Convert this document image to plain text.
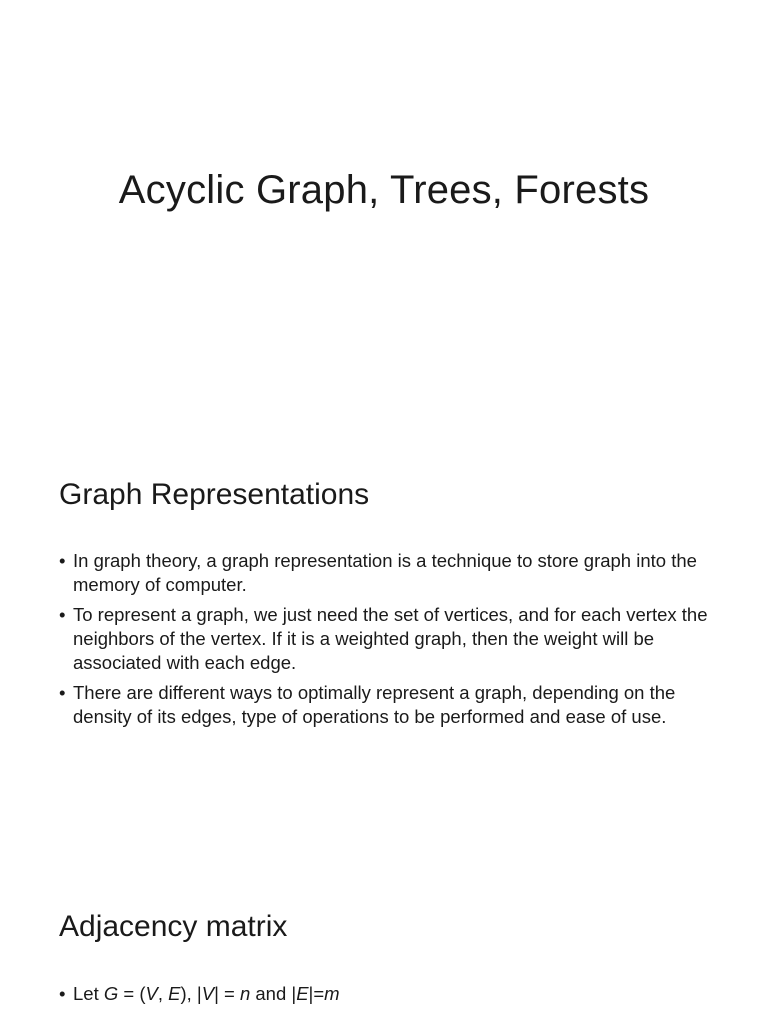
Acyclic Graph, Trees, Forests
Graph Representations
• In graph theory, a graph representation is a technique to store graph into the memory of computer.
• To represent a graph, we just need the set of vertices, and for each vertex the neighbors of the vertex. If it is a weighted graph, then the weight will be associated with each edge.
• There are different ways to optimally represent a graph, depending on the density of its edges, type of operations to be performed and ease of use.
Adjacency matrix
• Let G = (V, E), |V| = n and |E|=m
